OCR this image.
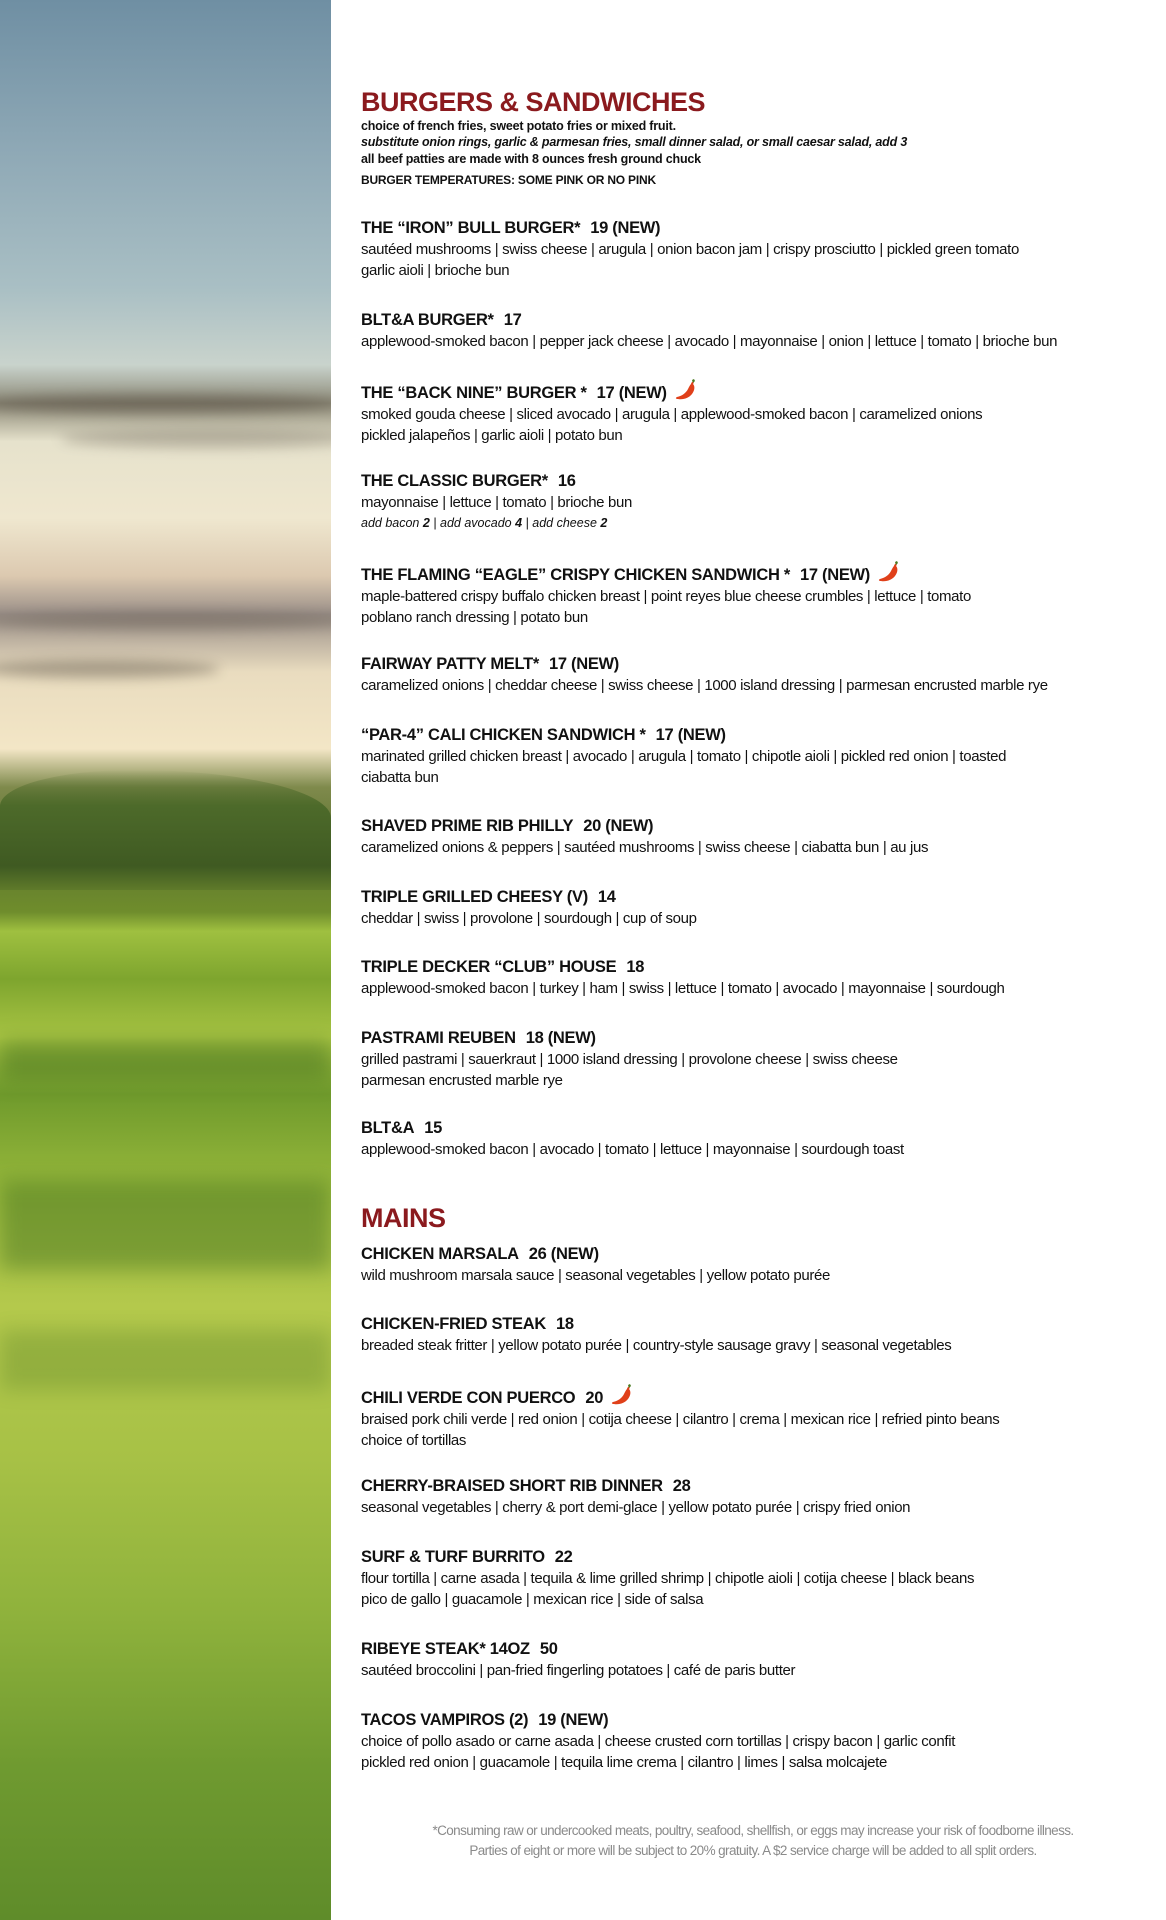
BURGERS & SANDWICHES
choice of french fries, sweet potato fries or mixed fruit.
substitute onion rings, garlic & parmesan fries, small dinner salad, or small caesar salad, add 3
all beef patties are made with 8 ounces fresh ground chuck
BURGER TEMPERATURES: SOME PINK OR NO PINK
THE “IRON” BULL BURGER* 19 (NEW)
sautéed mushrooms | swiss cheese | arugula | onion bacon jam | crispy prosciutto | pickled green tomato
garlic aioli | brioche bun
BLT&A BURGER* 17
applewood-smoked bacon | pepper jack cheese | avocado | mayonnaise | onion | lettuce | tomato | brioche bun
THE “BACK NINE” BURGER * 17 (NEW)
smoked gouda cheese | sliced avocado | arugula | applewood-smoked bacon | caramelized onions
pickled jalapeños | garlic aioli | potato bun
THE CLASSIC BURGER* 16
mayonnaise | lettuce | tomato | brioche bun
add bacon 2 | add avocado 4 | add cheese 2
THE FLAMING “EAGLE” CRISPY CHICKEN SANDWICH * 17 (NEW)
maple-battered crispy buffalo chicken breast | point reyes blue cheese crumbles | lettuce | tomato
poblano ranch dressing | potato bun
FAIRWAY PATTY MELT* 17 (NEW)
caramelized onions | cheddar cheese | swiss cheese | 1000 island dressing | parmesan encrusted marble rye
“PAR-4” CALI CHICKEN SANDWICH * 17 (NEW)
marinated grilled chicken breast | avocado | arugula | tomato | chipotle aioli | pickled red onion | toasted
ciabatta bun
SHAVED PRIME RIB PHILLY 20 (NEW)
caramelized onions & peppers | sautéed mushrooms | swiss cheese | ciabatta bun | au jus
TRIPLE GRILLED CHEESY (V) 14
cheddar | swiss | provolone | sourdough | cup of soup
TRIPLE DECKER “CLUB” HOUSE 18
applewood-smoked bacon | turkey | ham | swiss | lettuce | tomato | avocado | mayonnaise | sourdough
PASTRAMI REUBEN 18 (NEW)
grilled pastrami | sauerkraut | 1000 island dressing | provolone cheese | swiss cheese
parmesan encrusted marble rye
BLT&A 15
applewood-smoked bacon | avocado | tomato | lettuce | mayonnaise | sourdough toast
MAINS
CHICKEN MARSALA 26 (NEW)
wild mushroom marsala sauce | seasonal vegetables | yellow potato purée
CHICKEN-FRIED STEAK 18
breaded steak fritter | yellow potato purée | country-style sausage gravy | seasonal vegetables
CHILI VERDE CON PUERCO 20
braised pork chili verde | red onion | cotija cheese | cilantro | crema | mexican rice | refried pinto beans
choice of tortillas
CHERRY-BRAISED SHORT RIB DINNER 28
seasonal vegetables | cherry & port demi-glace | yellow potato purée | crispy fried onion
SURF & TURF BURRITO 22
flour tortilla | carne asada | tequila & lime grilled shrimp | chipotle aioli | cotija cheese | black beans
pico de gallo | guacamole | mexican rice | side of salsa
RIBEYE STEAK* 14OZ 50
sautéed broccolini | pan-fried fingerling potatoes | café de paris butter
TACOS VAMPIROS (2) 19 (NEW)
choice of pollo asado or carne asada | cheese crusted corn tortillas | crispy bacon | garlic confit
pickled red onion | guacamole | tequila lime crema | cilantro | limes | salsa molcajete
*Consuming raw or undercooked meats, poultry, seafood, shellfish, or eggs may increase your risk of foodborne illness.
Parties of eight or more will be subject to 20% gratuity. A $2 service charge will be added to all split orders.
